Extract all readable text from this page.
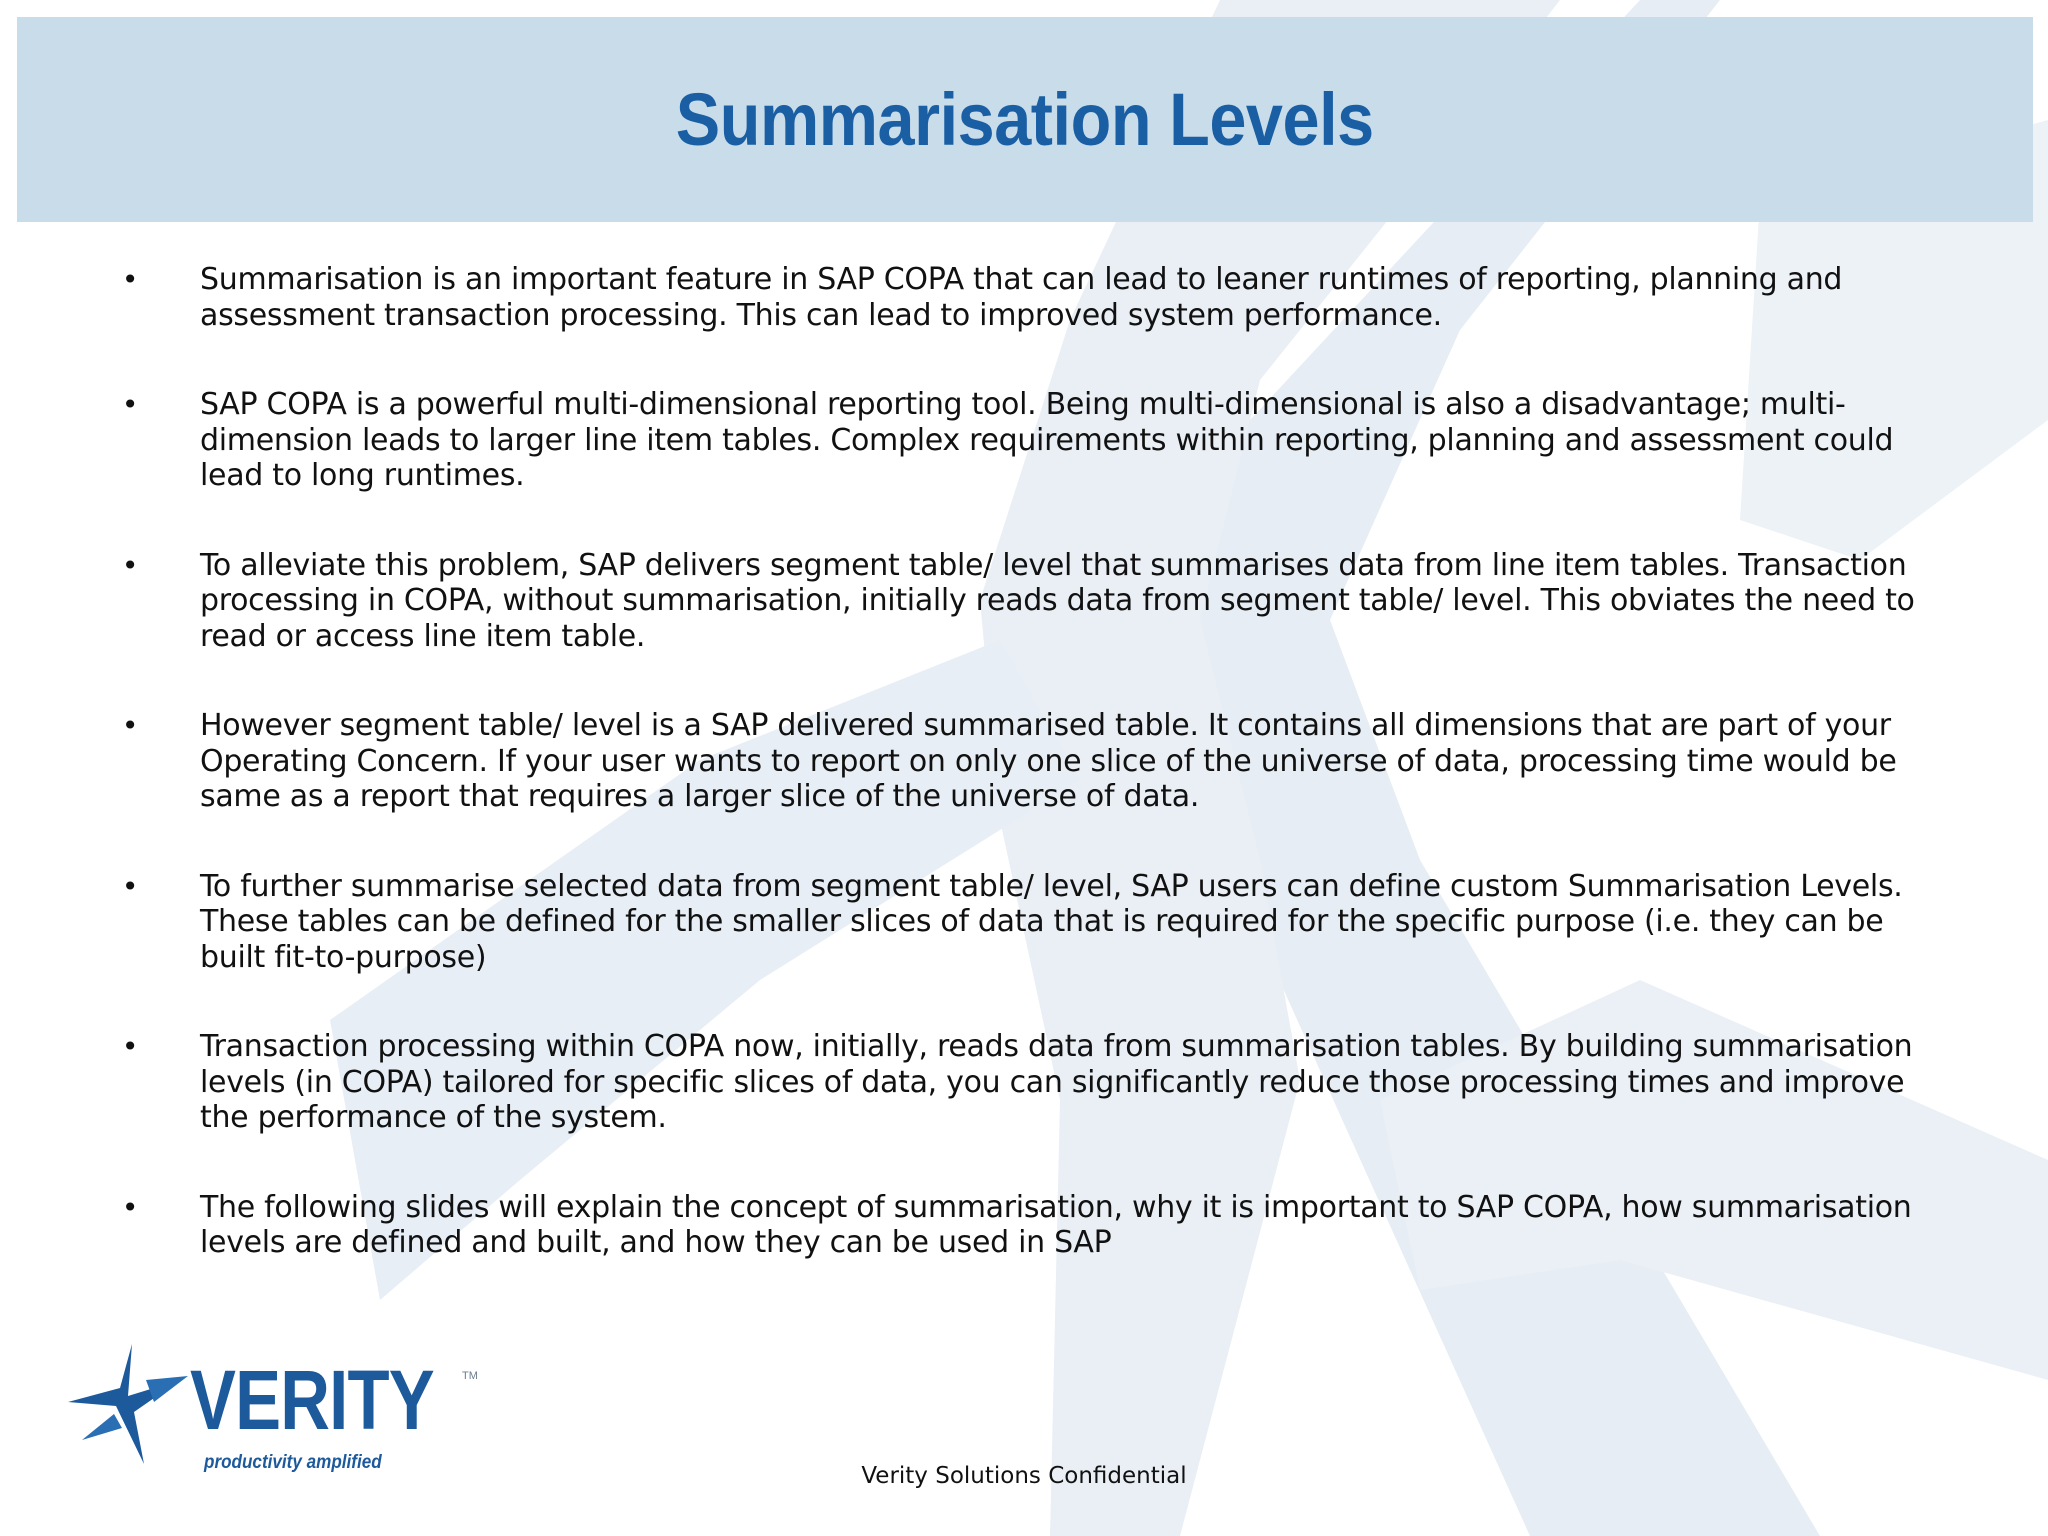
Summarisation Levels
• Summarisation is an important feature in SAP COPA that can lead to leaner runtimes of reporting, planning and assessment transaction processing. This can lead to improved system performance.
• SAP COPA is a powerful multi-dimensional reporting tool. Being multi-dimensional is also a disadvantage; multi-dimension leads to larger line item tables. Complex requirements within reporting, planning and assessment could lead to long runtimes.
• To alleviate this problem, SAP delivers segment table/ level that summarises data from line item tables. Transaction processing in COPA, without summarisation, initially reads data from segment table/ level. This obviates the need to read or access line item table.
• However segment table/ level is a SAP delivered summarised table. It contains all dimensions that are part of your Operating Concern. If your user wants to report on only one slice of the universe of data, processing time would be same as a report that requires a larger slice of the universe of data.
• To further summarise selected data from segment table/ level, SAP users can define custom Summarisation Levels. These tables can be defined for the smaller slices of data that is required for the specific purpose (i.e. they can be built fit-to-purpose)
• Transaction processing within COPA now, initially, reads data from summarisation tables. By building summarisation levels (in COPA) tailored for specific slices of data, you can significantly reduce those processing times and improve the performance of the system.
• The following slides will explain the concept of summarisation, why it is important to SAP COPA, how summarisation levels are defined and built, and how they can be used in SAP
VERITY	TM
productivity amplified
Verity Solutions Confidential
